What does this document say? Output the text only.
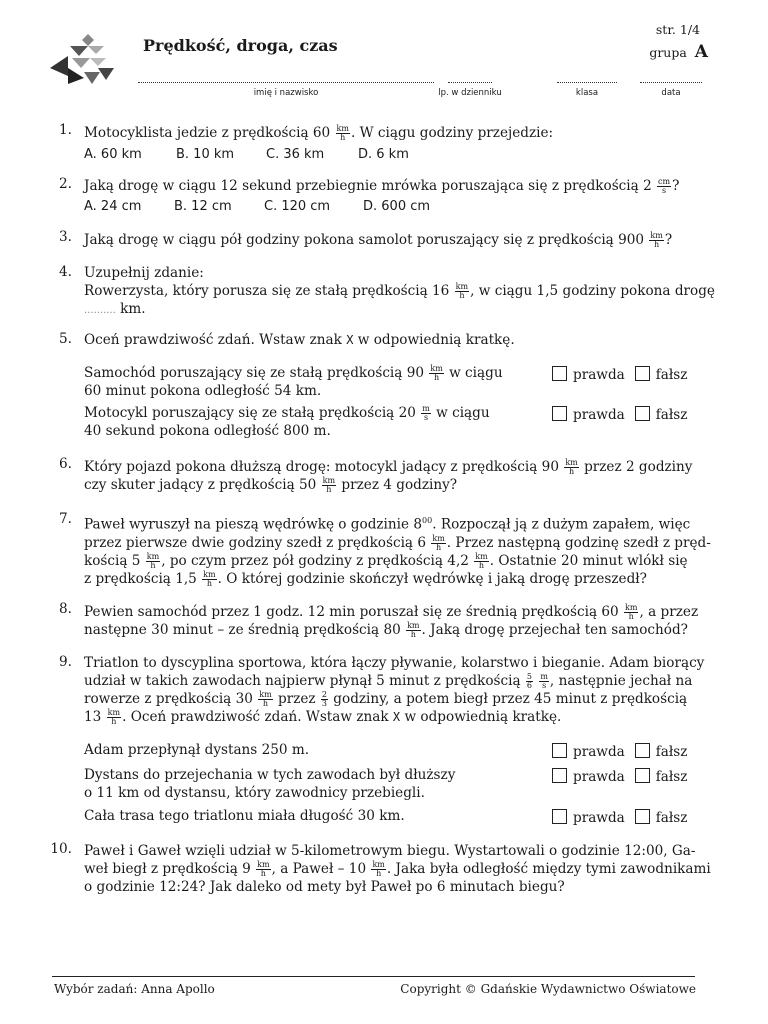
Prędkość, droga, czas
str. 1/4
grupa A
imię i nazwisko	lp. w dzienniku	klasa	data
1. Motocyklista jedzie z prędkością $60 \frac{km}{h}$ . W ciągu godziny przejedzie:
A. 60 km	B. 10 km C. 36 km	D. 6 km
2. Jaką drogę w ciągu 12 sekund przebiegnie mrówka poruszająca się z prędkością $2 \frac{cm}{s}$ ?
A. 24 cm	B. 12 cm C. 120 cm	D. 600 cm
3. Jaką drogę w ciągu pół godziny pokona samolot poruszający się z prędkością $900 \frac{km}{h}$ ?
4. Uzupełnij zdanie:
Rowerzysta, który porusza się ze stałą prędkością $16 \frac{km}{h}$ , w ciągu 1,5 godziny pokona drogę
.......... km.
5. Oceń prawdziwość zdań. Wstaw znak X w odpowiednią kratkę.
Samochód poruszający się ze stałą prędkością $90 \frac{km}{h}$ w ciągu
60 minut pokona odległość 54 km.
prawda fałsz
Motocykl poruszający się ze stałą prędkością $20 \frac{m}{s}$ w ciągu
40 sekund pokona odległość 800 m.
prawda fałsz
6. Który pojazd pokona dłuższą drogę: motocykl jadący z prędkością $90 \frac{km}{h}$ przez 2 godziny
czy skuter jadący z prędkością $50 \frac{km}{h}$ przez 4 godziny?
7. Paweł wyruszył na pieszą wędrówkę o godzinie $8^{00}$. Rozpoczął ją z dużym zapałem, więc
przez pierwsze dwie godziny szedł z prędkością $6 \frac{km}{h}$ . Przez następną godzinę szedł z pręd-
kością $5 \frac{km}{h}$ , po czym przez pół godziny z prędkością $4,2 \frac{km}{h}$ . Ostatnie 20 minut wlókł się
z prędkością $1,5 \frac{km}{h}$ . O której godzinie skończył wędrówkę i jaką drogę przeszedł?
8. Pewien samochód przez 1 godz. 12 min poruszał się ze średnią prędkością $60 \frac{km}{h}$ , a przez
następne 30 minut – ze średnią prędkością $80 \frac{km}{h}$ . Jaką drogę przejechał ten samochód?
9. Triatlon to dyscyplina sportowa, która łączy pływanie, kolarstwo i bieganie. Adam biorący
udział w takich zawodach najpierw płynął 5 minut z prędkością $\frac{5}{6}$
$\frac{m}{s}$ , następnie jechał na
rowerze z prędkością $30 \frac{km}{h}$ przez $\frac{2}{3}$ godziny, a potem biegł przez 45 minut z prędkością
$13 \frac{km}{h}$ . Oceń prawdziwość zdań. Wstaw znak X w odpowiednią kratkę.
Adam przepłynął dystans 250 m.	prawda fałsz
Dystans do przejechania w tych zawodach był dłuższy
o 11 km od dystansu, który zawodnicy przebiegli.
prawda fałsz
Cała trasa tego triatlonu miała długość 30 km.	prawda fałsz
10. Paweł i Gaweł wzięli udział w 5-kilometrowym biegu. Wystartowali o godzinie 12:00, Ga-
weł biegł z prędkością $9 \frac{km}{h}$ , a Paweł – $10 \frac{km}{h}$ . Jaka była odległość między tymi zawodnikami
o godzinie 12:24? Jak daleko od mety był Paweł po 6 minutach biegu?
Wybór zadań: Anna Apollo	Copyright © Gdańskie Wydawnictwo Oświatowe
